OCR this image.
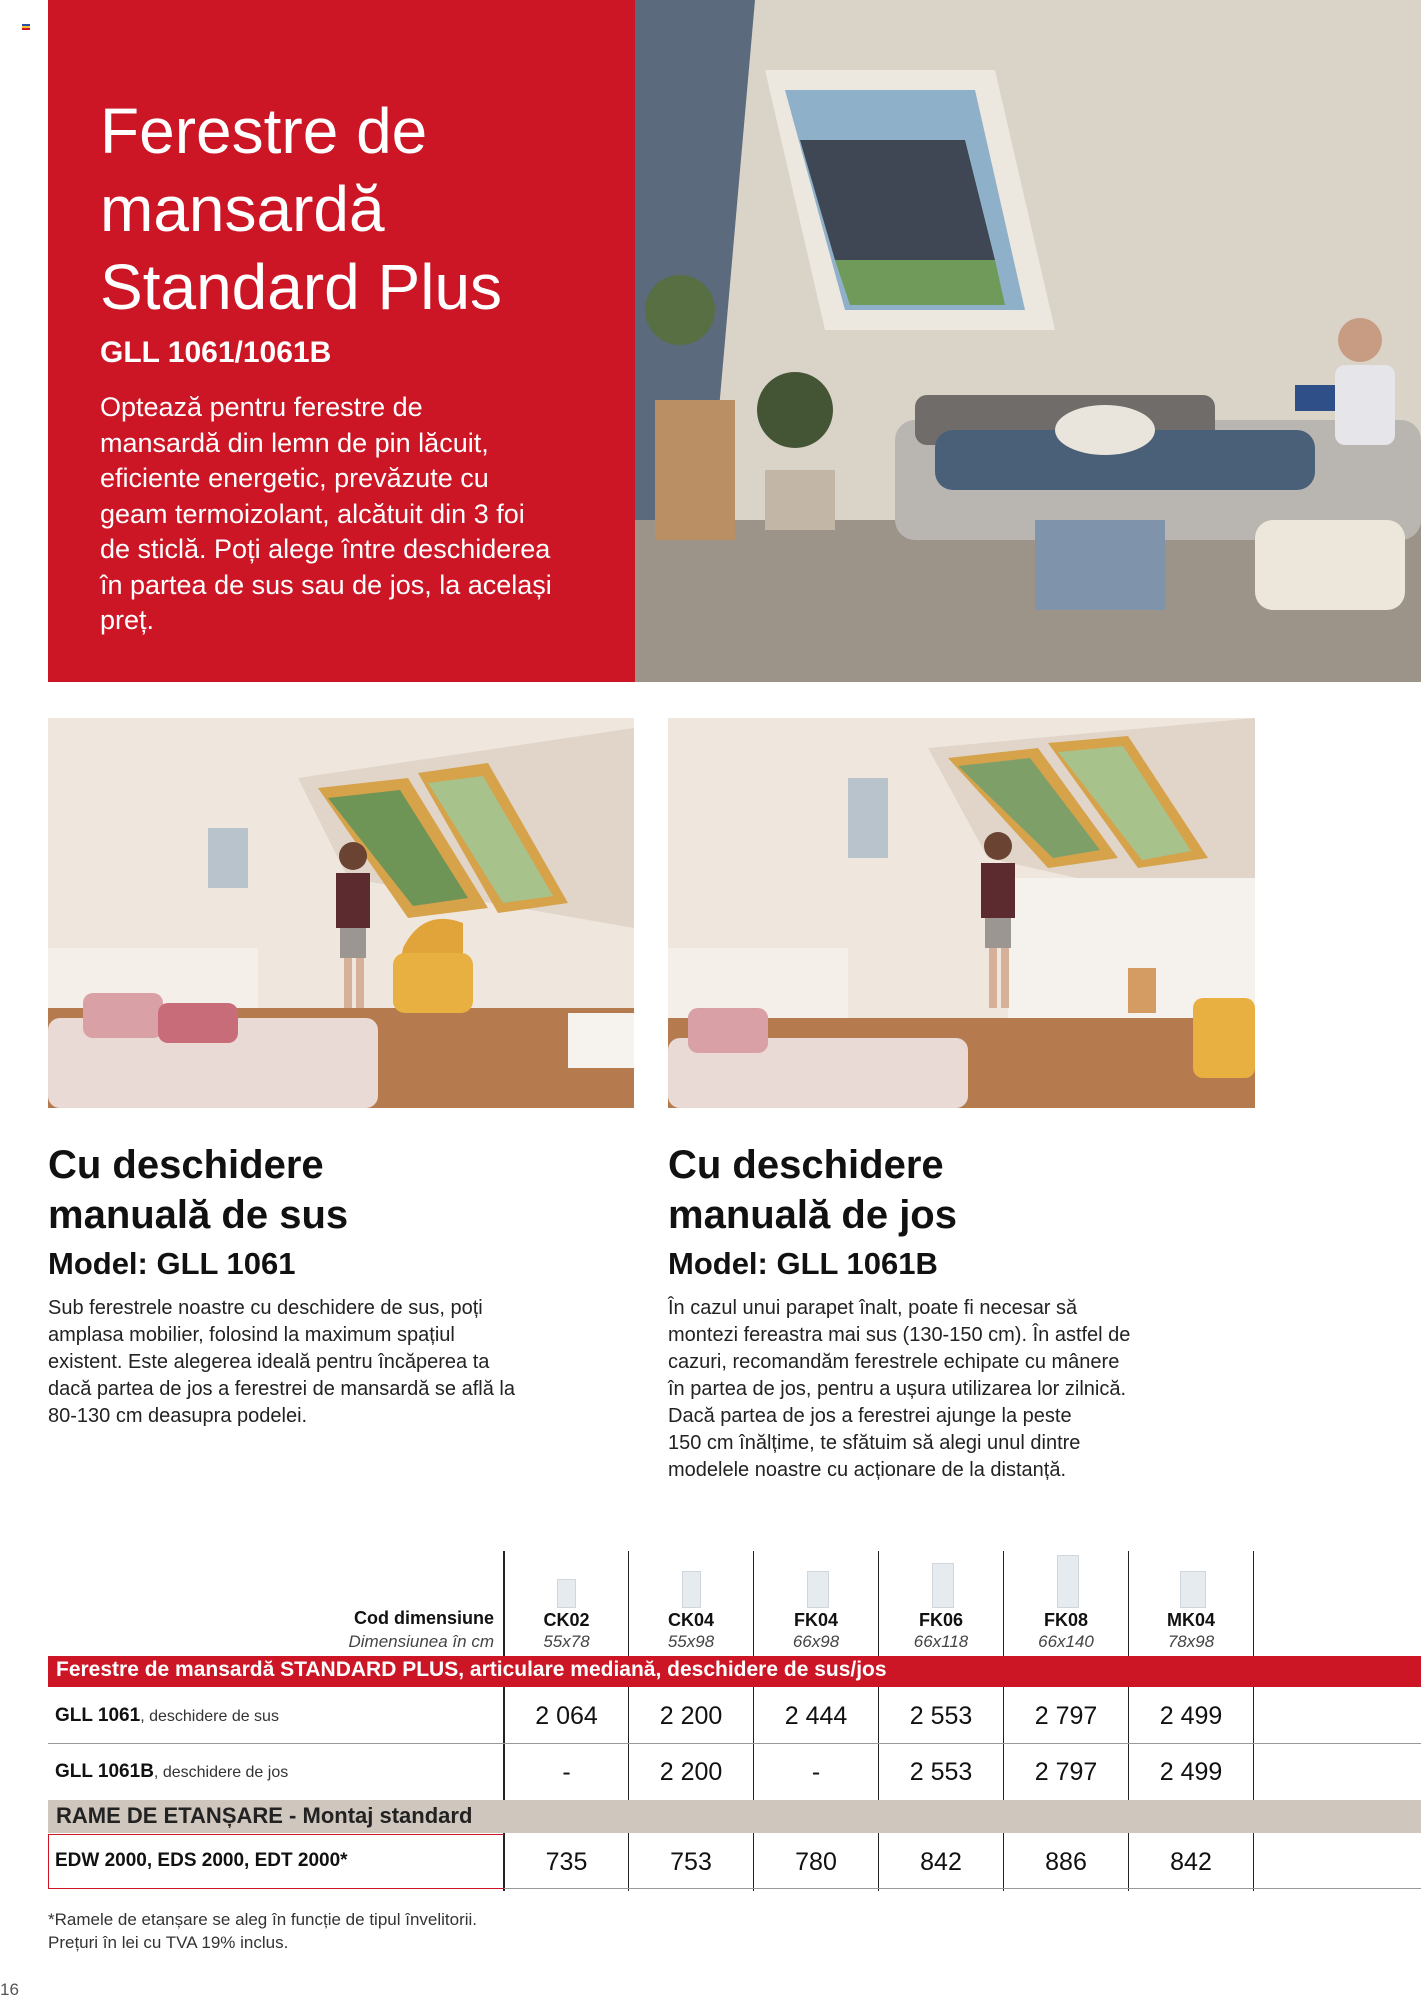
Ferestre de
mansardă
Standard Plus
GLL 1061/1061B
Optează pentru ferestre de
mansardă din lemn de pin lăcuit,
eficiente energetic, prevăzute cu
geam termoizolant, alcătuit din 3 foi
de sticlă. Poți alege între deschiderea
în partea de sus sau de jos, la același
preț.
Cu deschidere
manuală de sus
Model: GLL 1061
Sub ferestrele noastre cu deschidere de sus, poți
amplasa mobilier, folosind la maximum spațiul
existent. Este alegerea ideală pentru încăperea ta
dacă partea de jos a ferestrei de mansardă se află la
80-130 cm deasupra podelei.
Cu deschidere
manuală de jos
Model: GLL 1061B
În cazul unui parapet înalt, poate fi necesar să
montezi fereastra mai sus (130-150 cm). În astfel de
cazuri, recomandăm ferestrele echipate cu mânere
în partea de jos, pentru a ușura utilizarea lor zilnică.
Dacă partea de jos a ferestrei ajunge la peste
150 cm înălțime, te sfătuim să alegi unul dintre
modelele noastre cu acționare de la distanță.
Cod dimensiune
Dimensiunea în cm
CK02	CK04	FK04	FK06	FK08	MK04
55x78	55x98	66x98	66x118	66x140	78x98
Ferestre de mansardă STANDARD PLUS, articulare mediană, deschidere de sus/jos
GLL 1061, deschidere de sus	2 064	2 200	2 444	2 553	2 797	2 499
GLL 1061B, deschidere de jos	-	2 200	-	2 553	2 797	2 499
RAME DE ETANȘARE - Montaj standard
EDW 2000, EDS 2000, EDT 2000*	735	753	780	842	886	842
*Ramele de etanșare se aleg în funcție de tipul învelitorii.
Prețuri în lei cu TVA 19% inclus.
16
